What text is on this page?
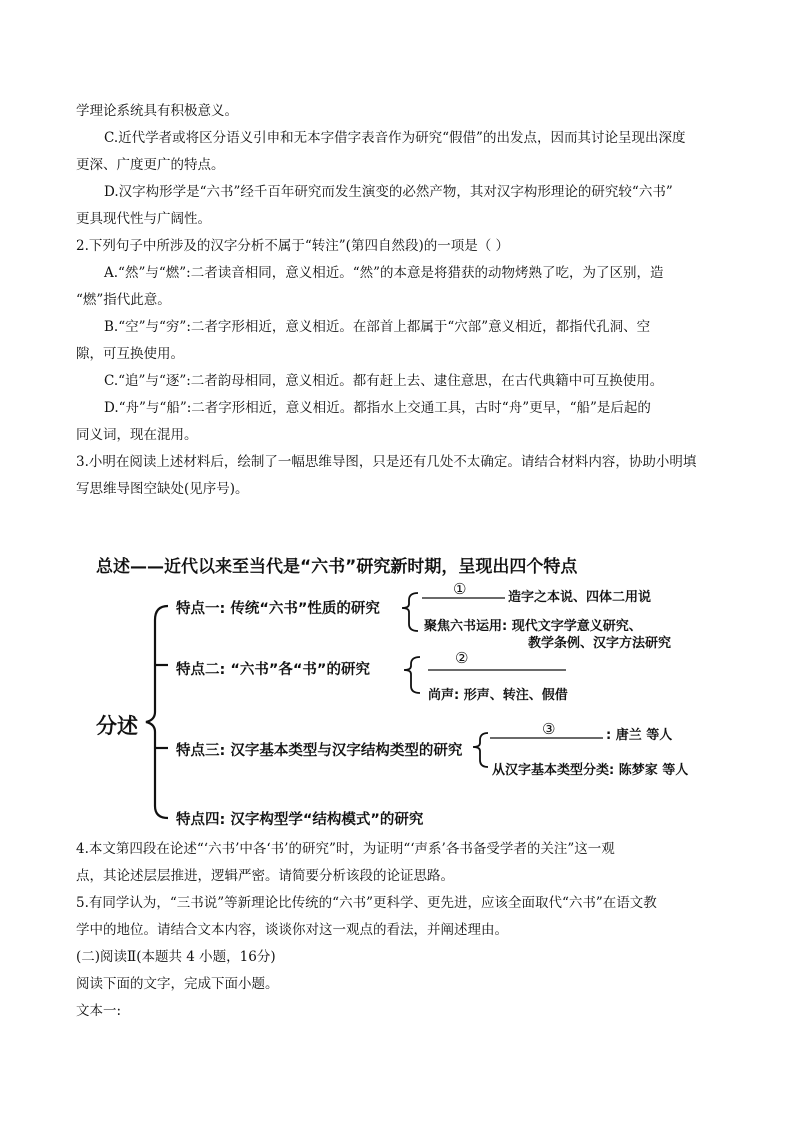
学理论系统具有积极意义。
C.近代学者或将区分语义引申和无本字借字表音作为研究“假借”的出发点，因而其讨论呈现出深度
更深、广度更广的特点。
D.汉字构形学是“六书”经千百年研究而发生演变的必然产物，其对汉字构形理论的研究较“六书”
更具现代性与广阔性。
2.下列句子中所涉及的汉字分析不属于“转注”(第四自然段)的一项是（ ）
A.“然”与“燃”:二者读音相同，意义相近。“然”的本意是将猎获的动物烤熟了吃，为了区别，造
“燃”指代此意。
B.“空”与“穷”:二者字形相近，意义相近。在部首上都属于“穴部”意义相近，都指代孔洞、空
隙，可互换使用。
C.“追”与“逐”:二者韵母相同，意义相近。都有赶上去、逮住意思，在古代典籍中可互换使用。
D.“舟”与“船”:二者字形相近，意义相近。都指水上交通工具，古时“舟”更早，“船”是后起的
同义词，现在混用。
3.小明在阅读上述材料后，绘制了一幅思维导图，只是还有几处不太确定。请结合材料内容，协助小明填
写思维导图空缺处(见序号)。
总述——近代以来至当代是“六书”研究新时期，呈现出四个特点
分述
特点一: 传统“六书”性质的研究
①	造字之本说、四体二用说
聚焦六书运用: 现代文字学意义研究、
教学条例、汉字方法研究
特点二: “六书”各“书”的研究
②
尚声: 形声、转注、假借
特点三: 汉字基本类型与汉字结构类型的研究
③	: 唐兰 等人
从汉字基本类型分类: 陈梦家 等人
特点四: 汉字构型学“结构模式”的研究
4.本文第四段在论述“‘六书’中各‘书’的研究”时，为证明“‘声系’各书备受学者的关注”这一观
点，其论述层层推进，逻辑严密。请简要分析该段的论证思路。
5.有同学认为，“三书说”等新理论比传统的“六书”更科学、更先进，应该全面取代“六书”在语文教
学中的地位。请结合文本内容，谈谈你对这一观点的看法，并阐述理由。
(二)阅读Ⅱ(本题共 4 小题，16分)
阅读下面的文字，完成下面小题。
文本一:
